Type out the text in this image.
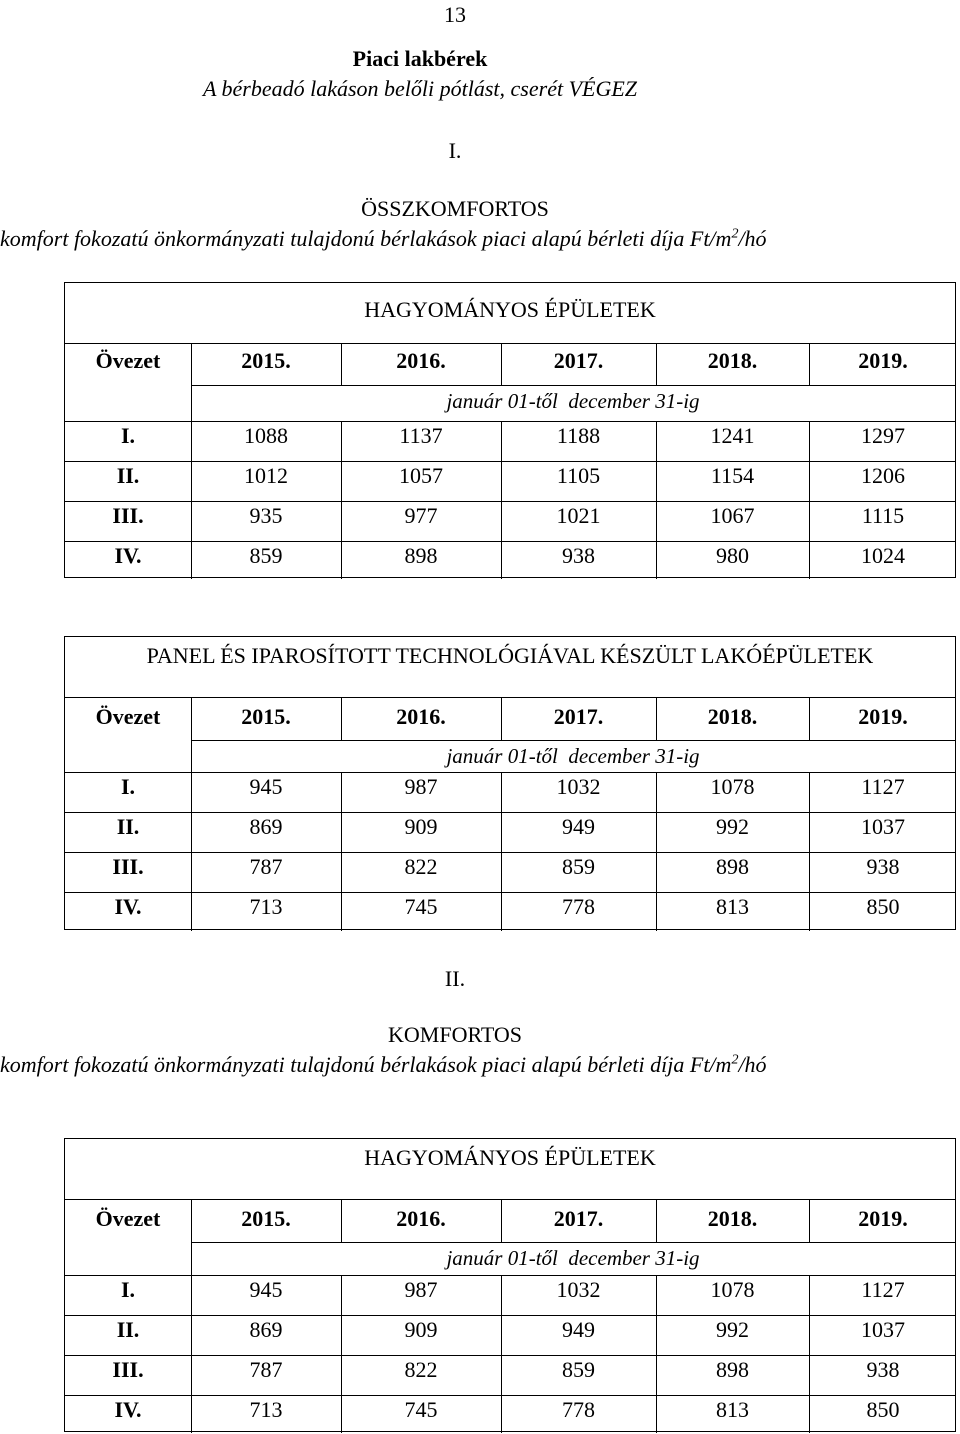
13
Piaci lakbérek
A bérbeadó lakáson belőli pótlást, cserét VÉGEZ
I.
ÖSSZKOMFORTOS
komfort fokozatú önkormányzati tulajdonú bérlakások piaci alapú bérleti díja $Ft/m^2/hó$
HAGYOMÁNYOS ÉPÜLETEK
Övezet	2015.	2016.	2017.	2018.	2019.
január 01-től  december 31-ig
I.	1088	1137	1188	1241	1297
II.	1012	1057	1105	1154	1206
III.	935	977	1021	1067	1115
IV.	859	898	938	980	1024
PANEL ÉS IPAROSÍTOTT TECHNOLÓGIÁVAL KÉSZÜLT LAKÓÉPÜLETEK
Övezet	2015.	2016.	2017.	2018.	2019.
január 01-től  december 31-ig
I.	945	987	1032	1078	1127
II.	869	909	949	992	1037
III.	787	822	859	898	938
IV.	713	745	778	813	850
II.
KOMFORTOS
komfort fokozatú önkormányzati tulajdonú bérlakások piaci alapú bérleti díja $Ft/m^2/hó$
HAGYOMÁNYOS ÉPÜLETEK
Övezet	2015.	2016.	2017.	2018.	2019.
január 01-től  december 31-ig
I.	945	987	1032	1078	1127
II.	869	909	949	992	1037
III.	787	822	859	898	938
IV.	713	745	778	813	850
